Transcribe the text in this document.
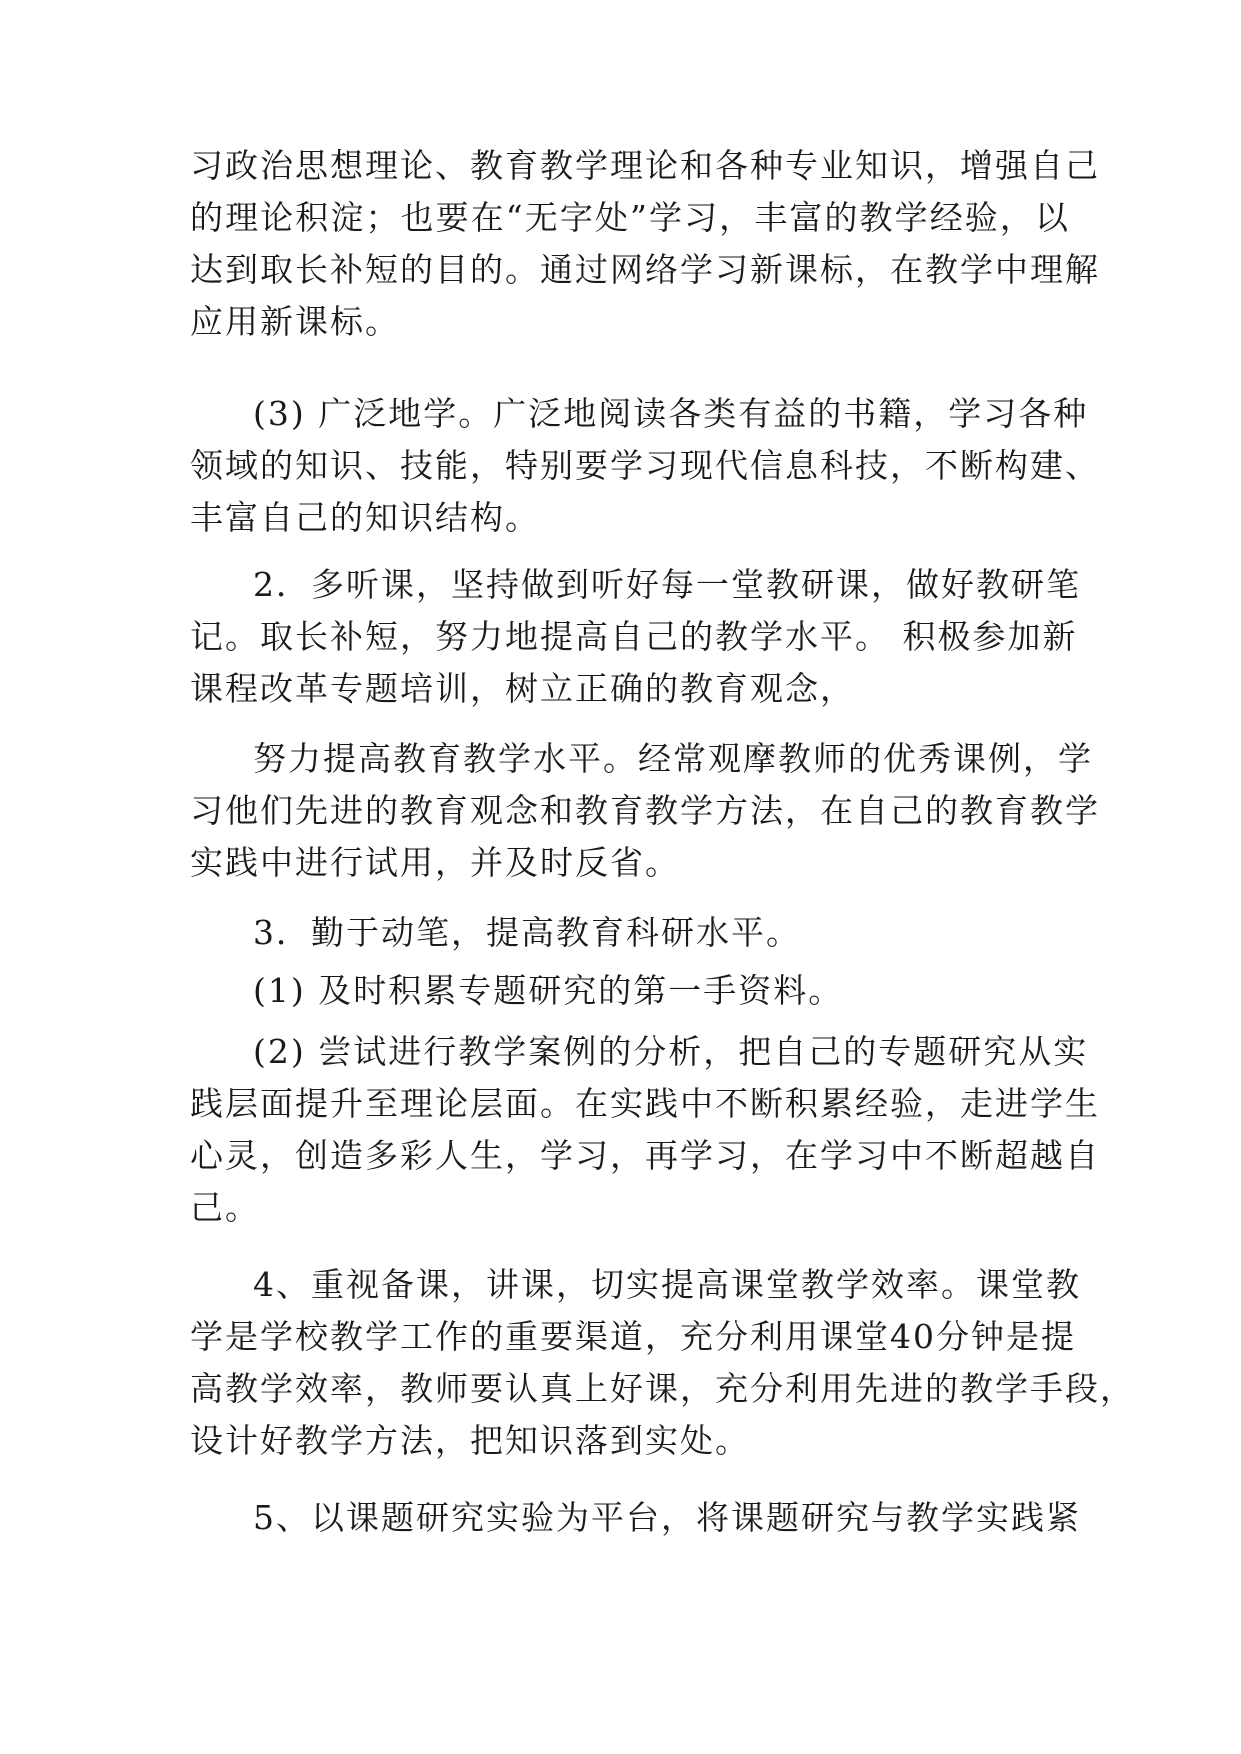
习政治思想理论、教育教学理论和各种专业知识，增强自己
的理论积淀；也要在“无字处”学习，丰富的教学经验，以
达到取长补短的目的。通过网络学习新课标，在教学中理解
应用新课标。
(3) 广泛地学。广泛地阅读各类有益的书籍，学习各种
领域的知识、技能，特别要学习现代信息科技，不断构建、
丰富自己的知识结构。
2．多听课，坚持做到听好每一堂教研课，做好教研笔
记。取长补短，努力地提高自己的教学水平。 积极参加新
课程改革专题培训，树立正确的教育观念，
努力提高教育教学水平。经常观摩教师的优秀课例，学
习他们先进的教育观念和教育教学方法，在自己的教育教学
实践中进行试用，并及时反省。
3．勤于动笔，提高教育科研水平。
(1) 及时积累专题研究的第一手资料。
(2) 尝试进行教学案例的分析，把自己的专题研究从实
践层面提升至理论层面。在实践中不断积累经验，走进学生
心灵，创造多彩人生，学习，再学习，在学习中不断超越自
己。
4、重视备课，讲课，切实提高课堂教学效率。课堂教
学是学校教学工作的重要渠道，充分利用课堂40分钟是提
高教学效率，教师要认真上好课，充分利用先进的教学手段，
设计好教学方法，把知识落到实处。
5、以课题研究实验为平台，将课题研究与教学实践紧
